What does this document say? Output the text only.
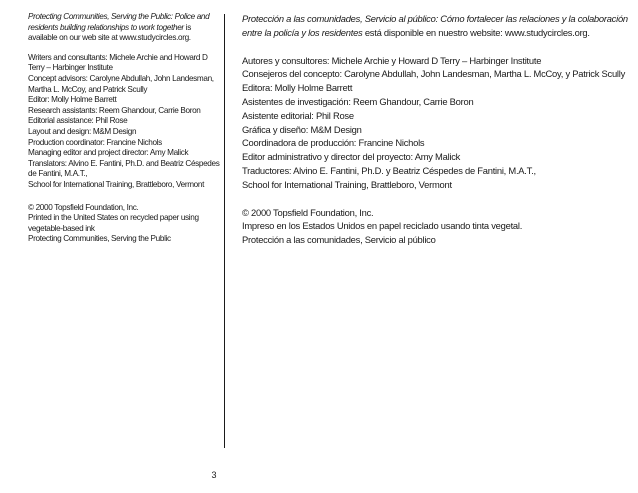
Protecting Communities, Serving the Public: Police and residents building relationships to work together is available on our web site at www.studycircles.org.

Writers and consultants: Michele Archie and Howard D Terry – Harbinger Institute

Concept advisors: Carolyne Abdullah, John Landesman, Martha L. McCoy, and Patrick Scully

Editor: Molly Holme Barrett

Research assistants: Reem Ghandour, Carrie Boron

Editorial assistance: Phil Rose

Layout and design: M&M Design

Production coordinator: Francine Nichols

Managing editor and project director: Amy Malick

Translators: Alvino E. Fantini, Ph.D. and Beatriz Céspedes de Fantini, M.A.T.,

School for International Training, Brattleboro, Vermont

© 2000 Topsfield Foundation, Inc.

Printed in the United States on recycled paper using vegetable-based ink

Protecting Communities, Serving the Public

Protección a las comunidades, Servicio al público: Cómo fortalecer las relaciones y la colaboración entre la policía y los residentes está disponible en nuestro website: www.studycircles.org.

Autores y consultores: Michele Archie y Howard D Terry – Harbinger Institute

Consejeros del concepto: Carolyne Abdullah, John Landesman, Martha L. McCoy, y Patrick Scully

Editora: Molly Holme Barrett

Asistentes de investigación: Reem Ghandour, Carrie Boron

Asistente editorial: Phil Rose

Gráfica y diseño: M&M Design

Coordinadora de producción: Francine Nichols

Editor administrativo y director del proyecto: Amy Malick

Traductores: Alvino E. Fantini, Ph.D. y Beatriz Céspedes de Fantini, M.A.T.,

School for International Training, Brattleboro, Vermont

© 2000 Topsfield Foundation, Inc.

Impreso en los Estados Unidos en papel reciclado usando tinta vegetal.

Protección a las comunidades, Servicio al público

3
